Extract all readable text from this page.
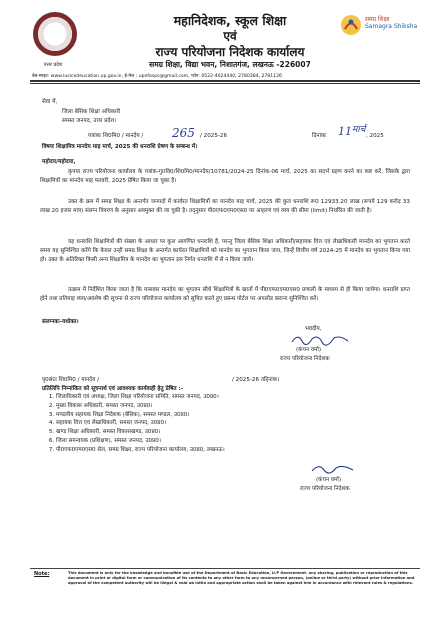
उत्तर प्रदेश
महानिदेशक, स्कूल शिक्षा
एवं
राज्य परियोजना निदेशक कार्यालय
समग्र शिक्षा, विद्या भवन, निशातगंज, लखनऊ -226007
समग्र शिक्षा
Samagra Shiksha
बेब-साइट: www.lusicedeucation.up.gov.in, ई-मेल : upefasps@gmail.com, फोन: 0522-4024440, 2780384, 2781126
सेवा में,
जिला बेसिक शिक्षा अधिकारी
समस्त जनपद, उत्तर प्रदेश।
पत्रांकः शि0मि0 / मानदेय / 265 / 2025-26	दिनांकः 11 मार्च
, 2025
विषयः शिक्षामित्र मानदेय माह मार्च, 2025 की धनराशि प्रेषण के सम्बन्ध में।
महोदय/महोदया,
कृपया राज्य परियोजना कार्यालय के पत्रांक-गु0वि0/शि0मि0/मानदेय/10781/2024-25 दिनांक-06 मार्च, 2025 का सदर्भ ग्रहण करने का कष्ट करें, जिसके द्वारा शिक्षामित्रों का मानदेय माह फरवरी, 2025 प्रेषित किया जा चुका है।
उक्त के क्रम में समग्र शिक्षा के अन्तर्गत जनपदों में कार्यरत शिक्षामित्रों का मानदेय माह मार्च, 2025 की कुल धनराशि रू0 12933.20 लाख (रूपये 129 करोड़ 33 लाख 20 हजार मात्र) संलग्न विवरण के अनुसार अवमुक्त की जा चुकी है। तद्नुसार पी0एफ0एम0एस0 पर आहरण एवं व्यय की सीमा (limit) निर्धारित की जाती है।
यह धनराशि शिक्षामित्रों की संख्या के आधार पर कुल आगणित धनराशि है, परन्तु जिला बेसिक शिक्षा अधिकारी/सहायक वित्त एवं लेखाधिकारी मानदेय का भुगतान करते समय यह सुनिश्चित करेंगे कि केवल उन्हीं समग्र शिक्षा के अन्तर्गत कार्यरत शिक्षामित्रों को मानदेय का भुगतान किया जाय, जिन्हें वित्तीय वर्ष 2024-25 में मानदेय का भुगतान किया गया हो। उक्त के अतिरिक्त किसी अन्य शिक्षामित्र के मानदेय का भुगतान इस निर्गत धनराशि में से न किया जाये।
तत्क्रम में निर्देशित किया जाता है कि मासवार मानदेय का भुगतान सीधे शिक्षामित्रों के खातों में पी0एफ0एम0एस0 प्रणाली के माध्यम से ही किया जायेगा। धनराशि प्राप्त होने तथा प्रतिमाह व्यय/अवशेष की सूचना से राज्य परियोजना कार्यालय को सूचित करते हुए प्रबन्ध पोर्टल पर अपलोड कराना सुनिश्चित करें।
संलग्नकः-यथोक्त।
भवदीय,
(कंचन वर्मा)
राज्य परियोजना निदेशक
पृ0सं0ः शि0मि0 / मानदेय /	/ 2025-26 तद्दिनांक।
प्रतिलिपि निम्नांकित को सूचनार्थ एवं आवश्यक कार्यवाही हेतु प्रेषित :-
1. जिलाधिकारी एवं अध्यक्ष, जिला शिक्षा परियोजना समिति, समस्त जनपद, उ0प्र0।
2. मुख्य विकास अधिकारी, समस्त जनपद, उ0प्र0।
3. मण्डलीय सहायक शिक्षा निदेशक (बेसिक), समस्त मण्डल, उ0प्र0।
4. सहायक वित्त एवं लेखाधिकारी, समस्त जनपद, उ0प्र0।
5. खण्ड शिक्षा अधिकारी, समस्त विकासखण्ड, उ0प्र0।
6. जिला समन्वयक (प्रशिक्षण), समस्त जनपद, उ0प्र0।
7. पी0एफ0एम0एस0 सेल, समग्र शिक्षा, राज्य परियोजना कार्यालय, उ0प्र0, लखनऊ।
(कंचन वर्मा)
राज्य परियोजना निदेशक
Note:	This document is only for the knowledge and bonafide use of the Department of Basic Education, U.P Government. any sharing, publication or reproduction of this document in print or digital form or communication of its contents to any other form to any unconcerned person, (online or third party) without prior information and approval of the competent authority will be illegal & void ab initio and appropriate action shall be taken against him in accordance with relevant rules & regulations.
